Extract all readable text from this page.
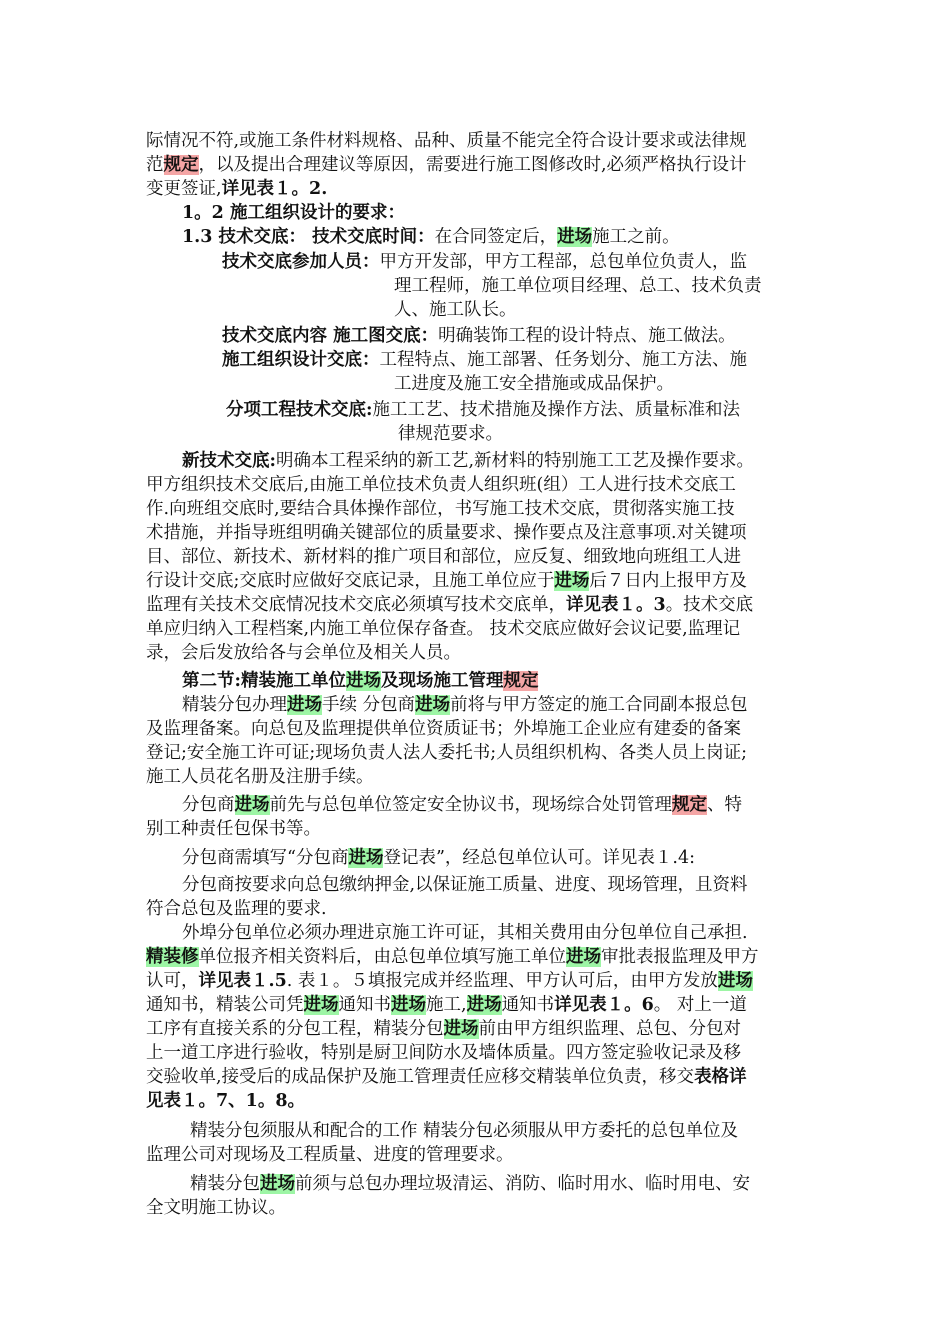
际情况不符,或施工条件材料规格、品种、质量不能完全符合设计要求或法律规
范规定，以及提出合理建议等原因，需要进行施工图修改时,必须严格执行设计
变更签证,详见表１。2.
1。2 施工组织设计的要求：
1.3 技术交底： 技术交底时间：在合同签定后，进场施工之前。
技术交底参加人员：甲方开发部，甲方工程部，总包单位负责人，监
理工程师，施工单位项目经理、总工、技术负责
人、施工队长。
技术交底内容 施工图交底：明确装饰工程的设计特点、施工做法。
施工组织设计交底：工程特点、施工部署、任务划分、施工方法、施
工进度及施工安全措施或成品保护。
分项工程技术交底:施工工艺、技术措施及操作方法、质量标准和法
律规范要求。
新技术交底:明确本工程采纳的新工艺,新材料的特别施工工艺及操作要求。
甲方组织技术交底后,由施工单位技术负责人组织班(组）工人进行技术交底工
作.向班组交底时,要结合具体操作部位，书写施工技术交底，贯彻落实施工技
术措施，并指导班组明确关键部位的质量要求、操作要点及注意事项.对关键项
目、部位、新技术、新材料的推广项目和部位，应反复、细致地向班组工人进
行设计交底;交底时应做好交底记录，且施工单位应于进场后７日内上报甲方及
监理有关技术交底情况技术交底必须填写技术交底单，详见表１。3。技术交底
单应归纳入工程档案,内施工单位保存备查。 技术交底应做好会议记要,监理记
录，会后发放给各与会单位及相关人员。
第二节:精装施工单位进场及现场施工管理规定
精装分包办理进场手续 分包商进场前将与甲方签定的施工合同副本报总包
及监理备案。向总包及监理提供单位资质证书；外埠施工企业应有建委的备案
登记;安全施工许可证;现场负责人法人委托书;人员组织机构、各类人员上岗证;
施工人员花名册及注册手续。
分包商进场前先与总包单位签定安全协议书，现场综合处罚管理规定、特
别工种责任包保书等。
分包商需填写“分包商进场登记表”，经总包单位认可。详见表１.4:
分包商按要求向总包缴纳押金,以保证施工质量、进度、现场管理，且资料
符合总包及监理的要求.
外埠分包单位必须办理进京施工许可证，其相关费用由分包单位自己承担.
精装修单位报齐相关资料后，由总包单位填写施工单位进场审批表报监理及甲方
认可，详见表１.5. 表１。５填报完成并经监理、甲方认可后，由甲方发放进场
通知书，精装公司凭进场通知书进场施工,进场通知书详见表１。6。 对上一道
工序有直接关系的分包工程，精装分包进场前由甲方组织监理、总包、分包对
上一道工序进行验收，特别是厨卫间防水及墙体质量。四方签定验收记录及移
交验收单,接受后的成品保护及施工管理责任应移交精装单位负责，移交表格详
见表１。7、1。8。
精装分包须服从和配合的工作 精装分包必须服从甲方委托的总包单位及
监理公司对现场及工程质量、进度的管理要求。
精装分包进场前须与总包办理垃圾清运、消防、临时用水、临时用电、安
全文明施工协议。
